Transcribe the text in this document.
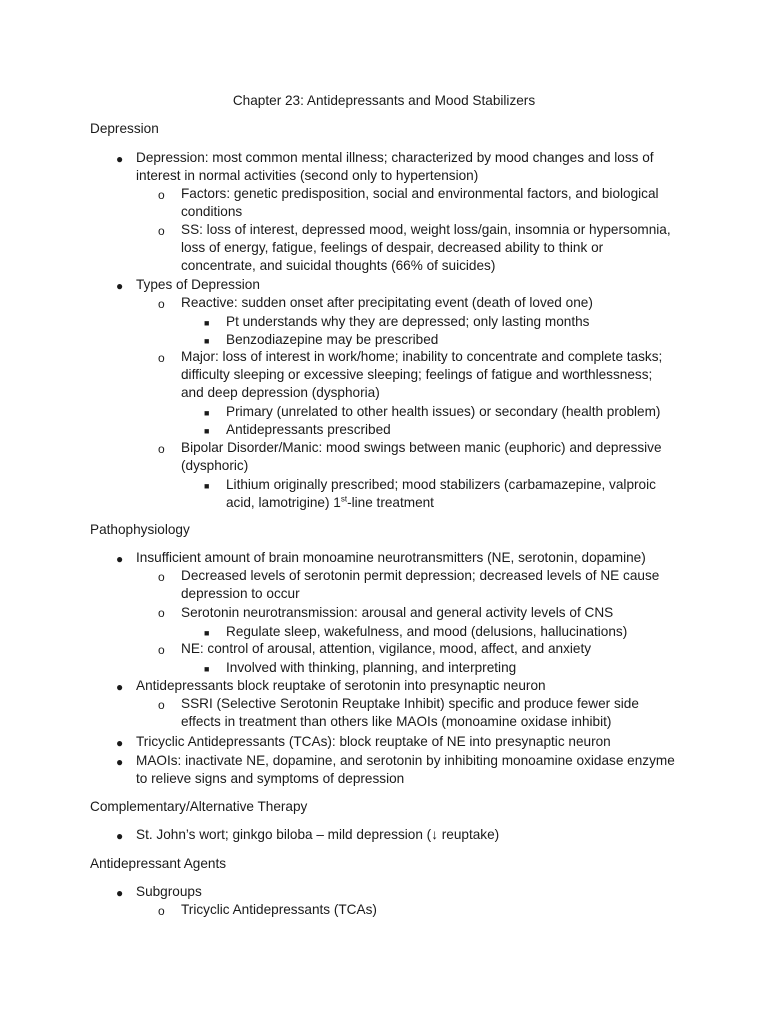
Chapter 23: Antidepressants and Mood Stabilizers
Depression
● Depression: most common mental illness; characterized by mood changes and loss of interest in normal activities (second only to hypertension)
o Factors: genetic predisposition, social and environmental factors, and biological conditions
o SS: loss of interest, depressed mood, weight loss/gain, insomnia or hypersomnia, loss of energy, fatigue, feelings of despair, decreased ability to think or concentrate, and suicidal thoughts (66% of suicides)
● Types of Depression
o Reactive: sudden onset after precipitating event (death of loved one)
■ Pt understands why they are depressed; only lasting months
■ Benzodiazepine may be prescribed
o Major: loss of interest in work/home; inability to concentrate and complete tasks; difficulty sleeping or excessive sleeping; feelings of fatigue and worthlessness; and deep depression (dysphoria)
■ Primary (unrelated to other health issues) or secondary (health problem)
■ Antidepressants prescribed
o Bipolar Disorder/Manic: mood swings between manic (euphoric) and depressive (dysphoric)
■ Lithium originally prescribed; mood stabilizers (carbamazepine, valproic acid, lamotrigine) 1st-line treatment
Pathophysiology
● Insufficient amount of brain monoamine neurotransmitters (NE, serotonin, dopamine)
o Decreased levels of serotonin permit depression; decreased levels of NE cause depression to occur
o Serotonin neurotransmission: arousal and general activity levels of CNS
■ Regulate sleep, wakefulness, and mood (delusions, hallucinations)
o NE: control of arousal, attention, vigilance, mood, affect, and anxiety
■ Involved with thinking, planning, and interpreting
● Antidepressants block reuptake of serotonin into presynaptic neuron
o SSRI (Selective Serotonin Reuptake Inhibit) specific and produce fewer side effects in treatment than others like MAOIs (monoamine oxidase inhibit)
● Tricyclic Antidepressants (TCAs): block reuptake of NE into presynaptic neuron
● MAOIs: inactivate NE, dopamine, and serotonin by inhibiting monoamine oxidase enzyme to relieve signs and symptoms of depression
Complementary/Alternative Therapy
● St. John’s wort; ginkgo biloba – mild depression (↓ reuptake)
Antidepressant Agents
● Subgroups
o Tricyclic Antidepressants (TCAs)
